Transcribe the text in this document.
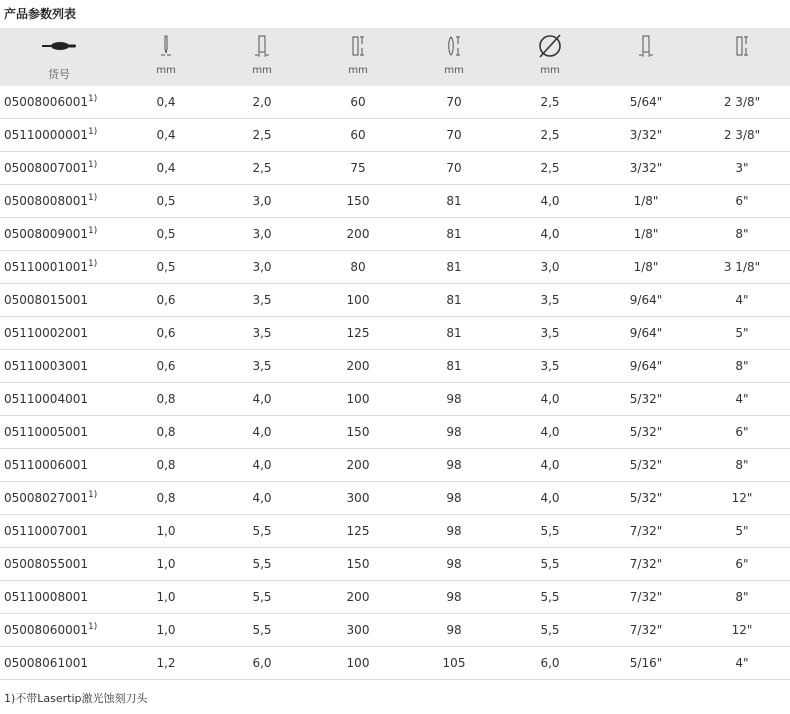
产品参数列表
货号	mm	mm	mm	mm	mm

05008006001$^{1)}$	0,4	2,0	60	70	2,5	5/64"	2 3/8"
05110000001$^{1)}$	0,4	2,5	60	70	2,5	3/32"	2 3/8"
05008007001$^{1)}$	0,4	2,5	75	70	2,5	3/32"	3"
05008008001$^{1)}$	0,5	3,0	150	81	4,0	1/8"	6"
05008009001$^{1)}$	0,5	3,0	200	81	4,0	1/8"	8"
05110001001$^{1)}$	0,5	3,0	80	81	3,0	1/8"	3 1/8"
05008015001	0,6	3,5	100	81	3,5	9/64"	4"
05110002001	0,6	3,5	125	81	3,5	9/64"	5"
05110003001	0,6	3,5	200	81	3,5	9/64"	8"
05110004001	0,8	4,0	100	98	4,0	5/32"	4"
05110005001	0,8	4,0	150	98	4,0	5/32"	6"
05110006001	0,8	4,0	200	98	4,0	5/32"	8"
05008027001$^{1)}$	0,8	4,0	300	98	4,0	5/32"	12"
05110007001	1,0	5,5	125	98	5,5	7/32"	5"
05008055001	1,0	5,5	150	98	5,5	7/32"	6"
05110008001	1,0	5,5	200	98	5,5	7/32"	8"
05008060001$^{1)}$	1,0	5,5	300	98	5,5	7/32"	12"
05008061001	1,2	6,0	100	105	6,0	5/16"	4"
1)不带Lasertip激光蚀刻刀头
